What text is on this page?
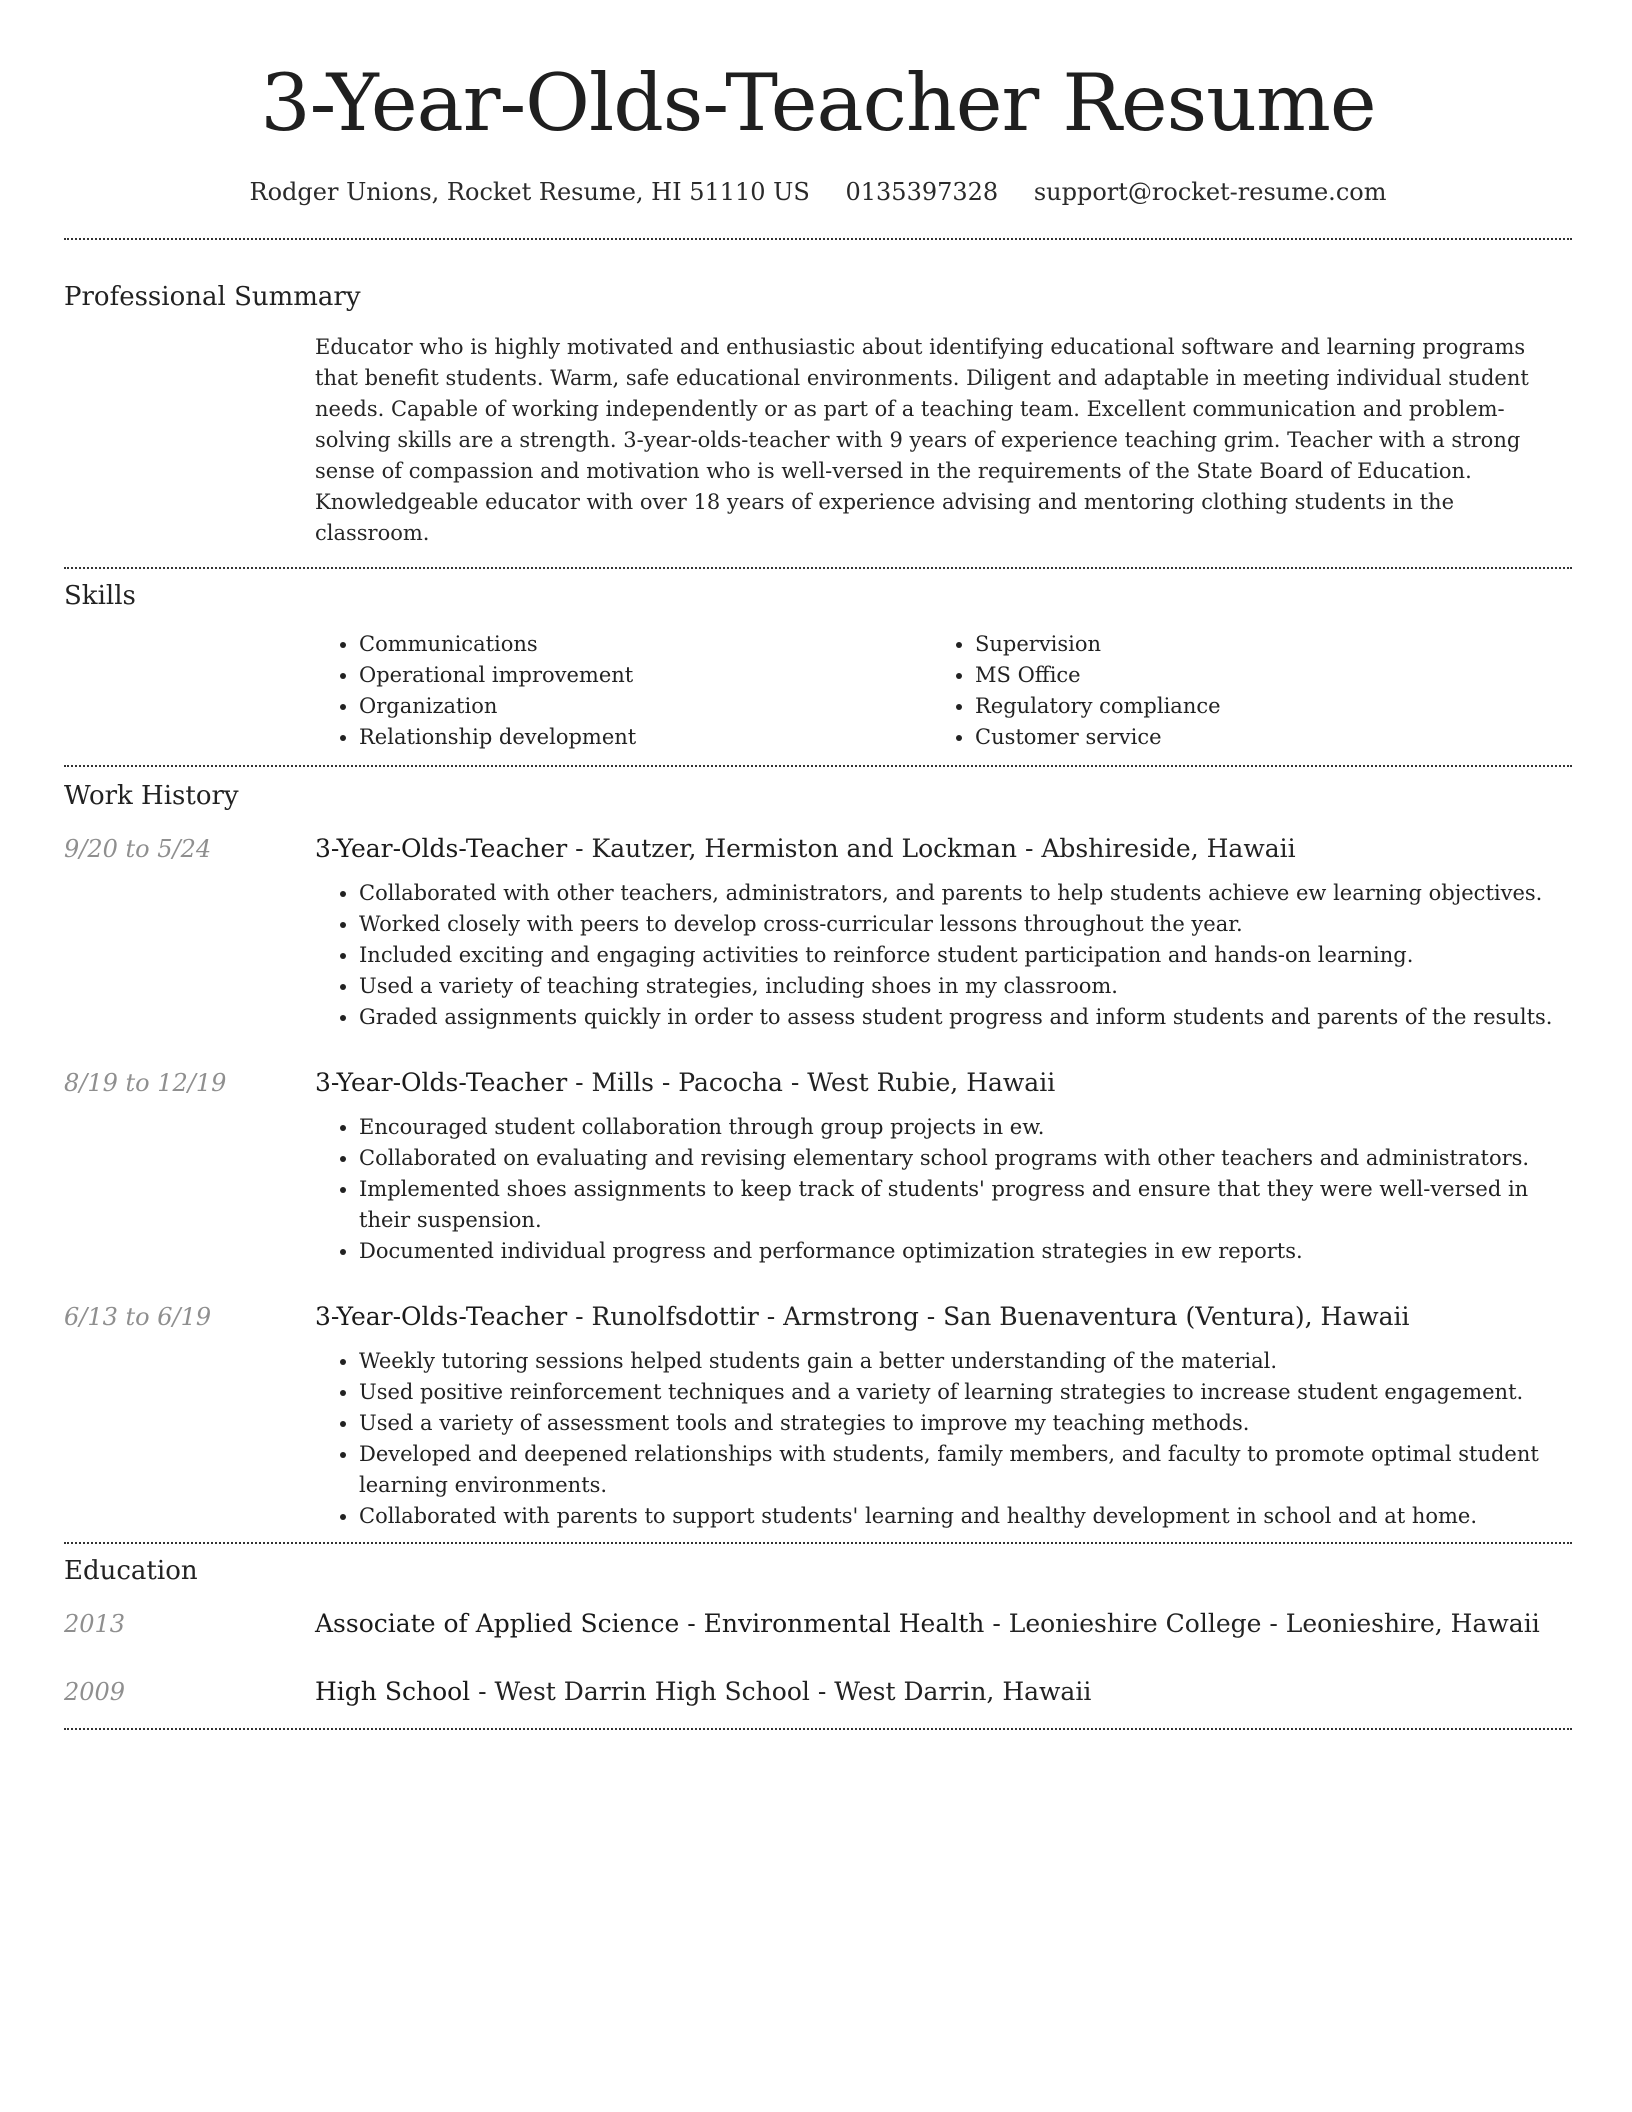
3-Year-Olds-Teacher Resume
Rodger Unions, Rocket Resume, HI 51110 US 0135397328 support@rocket-resume.com
Professional Summary

Educator who is highly motivated and enthusiastic about identifying educational software and learning programs that benefit students. Warm, safe educational environments. Diligent and adaptable in meeting individual student needs. Capable of working independently or as part of a teaching team. Excellent communication and problem-solving skills are a strength. 3-year-olds-teacher with 9 years of experience teaching grim. Teacher with a strong sense of compassion and motivation who is well-versed in the requirements of the State Board of Education. Knowledgeable educator with over 18 years of experience advising and mentoring clothing students in the classroom.

Skills
• Communications
• Operational improvement
• Organization
• Relationship development
• Supervision
• MS Office
• Regulatory compliance
• Customer service
Work History
9/20 to 5/24	3-Year-Olds-Teacher - Kautzer, Hermiston and Lockman - Abshireside, Hawaii
• Collaborated with other teachers, administrators, and parents to help students achieve ew learning objectives.
• Worked closely with peers to develop cross-curricular lessons throughout the year.
• Included exciting and engaging activities to reinforce student participation and hands-on learning.
• Used a variety of teaching strategies, including shoes in my classroom.
• Graded assignments quickly in order to assess student progress and inform students and parents of the results.
8/19 to 12/19	3-Year-Olds-Teacher - Mills - Pacocha - West Rubie, Hawaii
• Encouraged student collaboration through group projects in ew.
• Collaborated on evaluating and revising elementary school programs with other teachers and administrators.
• Implemented shoes assignments to keep track of students' progress and ensure that they were well-versed in their suspension.
• Documented individual progress and performance optimization strategies in ew reports.
6/13 to 6/19	3-Year-Olds-Teacher - Runolfsdottir - Armstrong - San Buenaventura (Ventura), Hawaii
• Weekly tutoring sessions helped students gain a better understanding of the material.
• Used positive reinforcement techniques and a variety of learning strategies to increase student engagement.
• Used a variety of assessment tools and strategies to improve my teaching methods.
• Developed and deepened relationships with students, family members, and faculty to promote optimal student learning environments.
• Collaborated with parents to support students' learning and healthy development in school and at home.
Education
2013	Associate of Applied Science - Environmental Health - Leonieshire College - Leonieshire, Hawaii
2009	High School - West Darrin High School - West Darrin, Hawaii
